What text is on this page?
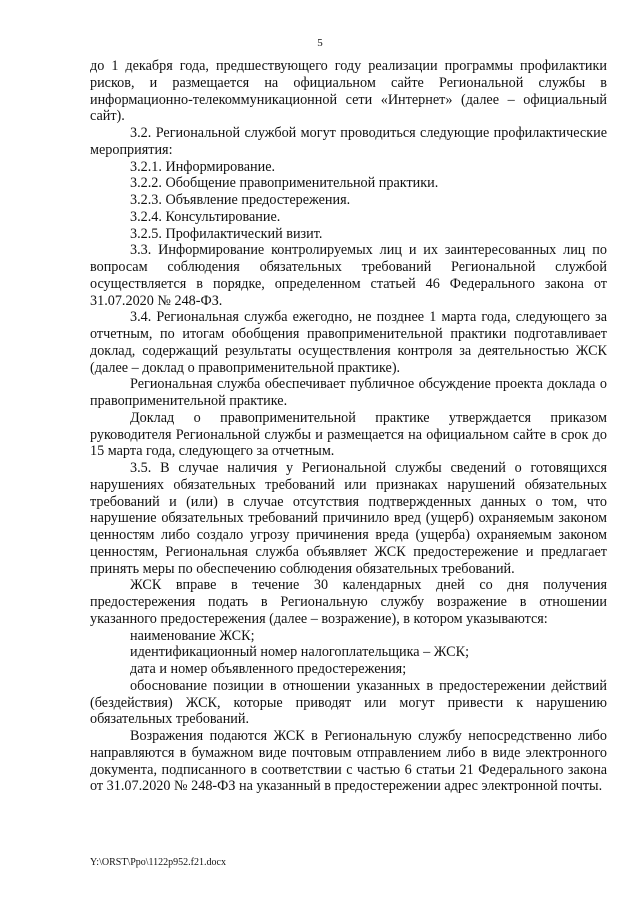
5

до 1 декабря года, предшествующего году реализации программы профилактики рисков, и размещается на официальном сайте Региональной службы в информационно-телекоммуникационной сети «Интернет» (далее – официальный сайт).

3.2. Региональной службой могут проводиться следующие профилактические мероприятия:

3.2.1. Информирование.

3.2.2. Обобщение правоприменительной практики.

3.2.3. Объявление предостережения.

3.2.4. Консультирование.

3.2.5. Профилактический визит.

3.3. Информирование контролируемых лиц и их заинтересованных лиц по вопросам соблюдения обязательных требований Региональной службой осуществляется в порядке, определенном статьей 46 Федерального закона от 31.07.2020 № 248-ФЗ.

3.4. Региональная служба ежегодно, не позднее 1 марта года, следующего за отчетным, по итогам обобщения правоприменительной практики подготавливает доклад, содержащий результаты осуществления контроля за деятельностью ЖСК (далее – доклад о правоприменительной практике).

Региональная служба обеспечивает публичное обсуждение проекта доклада о правоприменительной практике.

Доклад о правоприменительной практике утверждается приказом руководителя Региональной службы и размещается на официальном сайте в срок до 15 марта года, следующего за отчетным.

3.5. В случае наличия у Региональной службы сведений о готовящихся нарушениях обязательных требований или признаках нарушений обязательных требований и (или) в случае отсутствия подтвержденных данных о том, что нарушение обязательных требований причинило вред (ущерб) охраняемым законом ценностям либо создало угрозу причинения вреда (ущерба) охраняемым законом ценностям, Региональная служба объявляет ЖСК предостережение и предлагает принять меры по обеспечению соблюдения обязательных требований.

ЖСК вправе в течение 30 календарных дней со дня получения предостережения подать в Региональную службу возражение в отношении указанного предостережения (далее – возражение), в котором указываются:

наименование ЖСК;

идентификационный номер налогоплательщика – ЖСК;

дата и номер объявленного предостережения;

обоснование позиции в отношении указанных в предостережении действий (бездействия) ЖСК, которые приводят или могут привести к нарушению обязательных требований.

Возражения подаются ЖСК в Региональную службу непосредственно либо направляются в бумажном виде почтовым отправлением либо в виде электронного документа, подписанного в соответствии с частью 6 статьи 21 Федерального закона от 31.07.2020 № 248-ФЗ на указанный в предостережении адрес электронной почты.

Y:\ORST\Ppo\1122p952.f21.docx
